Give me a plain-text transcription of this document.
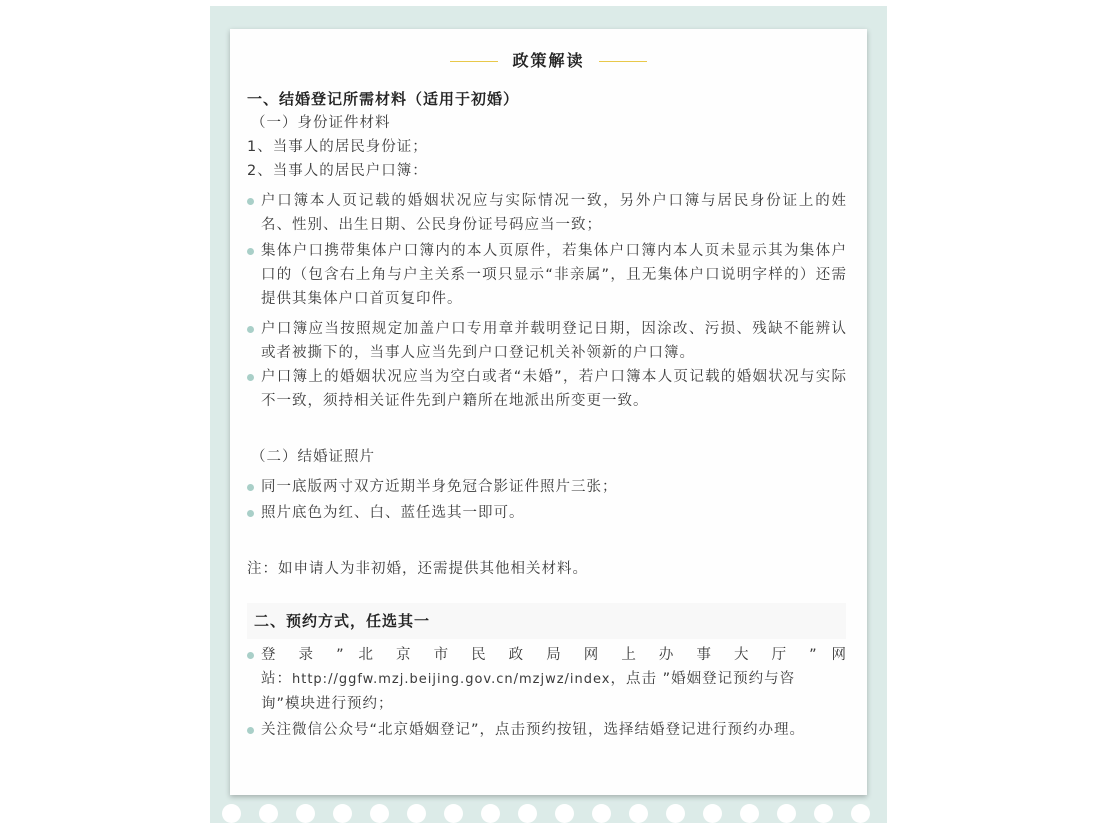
政策解读
一、结婚登记所需材料（适用于初婚）
（一）身份证件材料
1、当事人的居民身份证；
2、当事人的居民户口簿：
户口簿本人页记载的婚姻状况应与实际情况一致，另外户口簿与居民身份证上的姓名、性别、出生日期、公民身份证号码应当一致；
集体户口携带集体户口簿内的本人页原件，若集体户口簿内本人页未显示其为集体户口的（包含右上角与户主关系一项只显示“非亲属”，且无集体户口说明字样的）还需提供其集体户口首页复印件。
户口簿应当按照规定加盖户口专用章并载明登记日期，因涂改、污损、残缺不能辨认或者被撕下的，当事人应当先到户口登记机关补领新的户口簿。
户口簿上的婚姻状况应当为空白或者“未婚”，若户口簿本人页记载的婚姻状况与实际不一致，须持相关证件先到户籍所在地派出所变更一致。
（二）结婚证照片
同一底版两寸双方近期半身免冠合影证件照片三张；
照片底色为红、白、蓝任选其一即可。
注：如申请人为非初婚，还需提供其他相关材料。
二、预约方式，任选其一
登 录 ” 北 京 市 民 政 局 网 上 办 事 大 厅 ” 网
站：http://ggfw.mzj.beijing.gov.cn/mzjwz/index，点击 ”婚姻登记预约与咨
询”模块进行预约；
关注微信公众号“北京婚姻登记”，点击预约按钮，选择结婚登记进行预约办理。
